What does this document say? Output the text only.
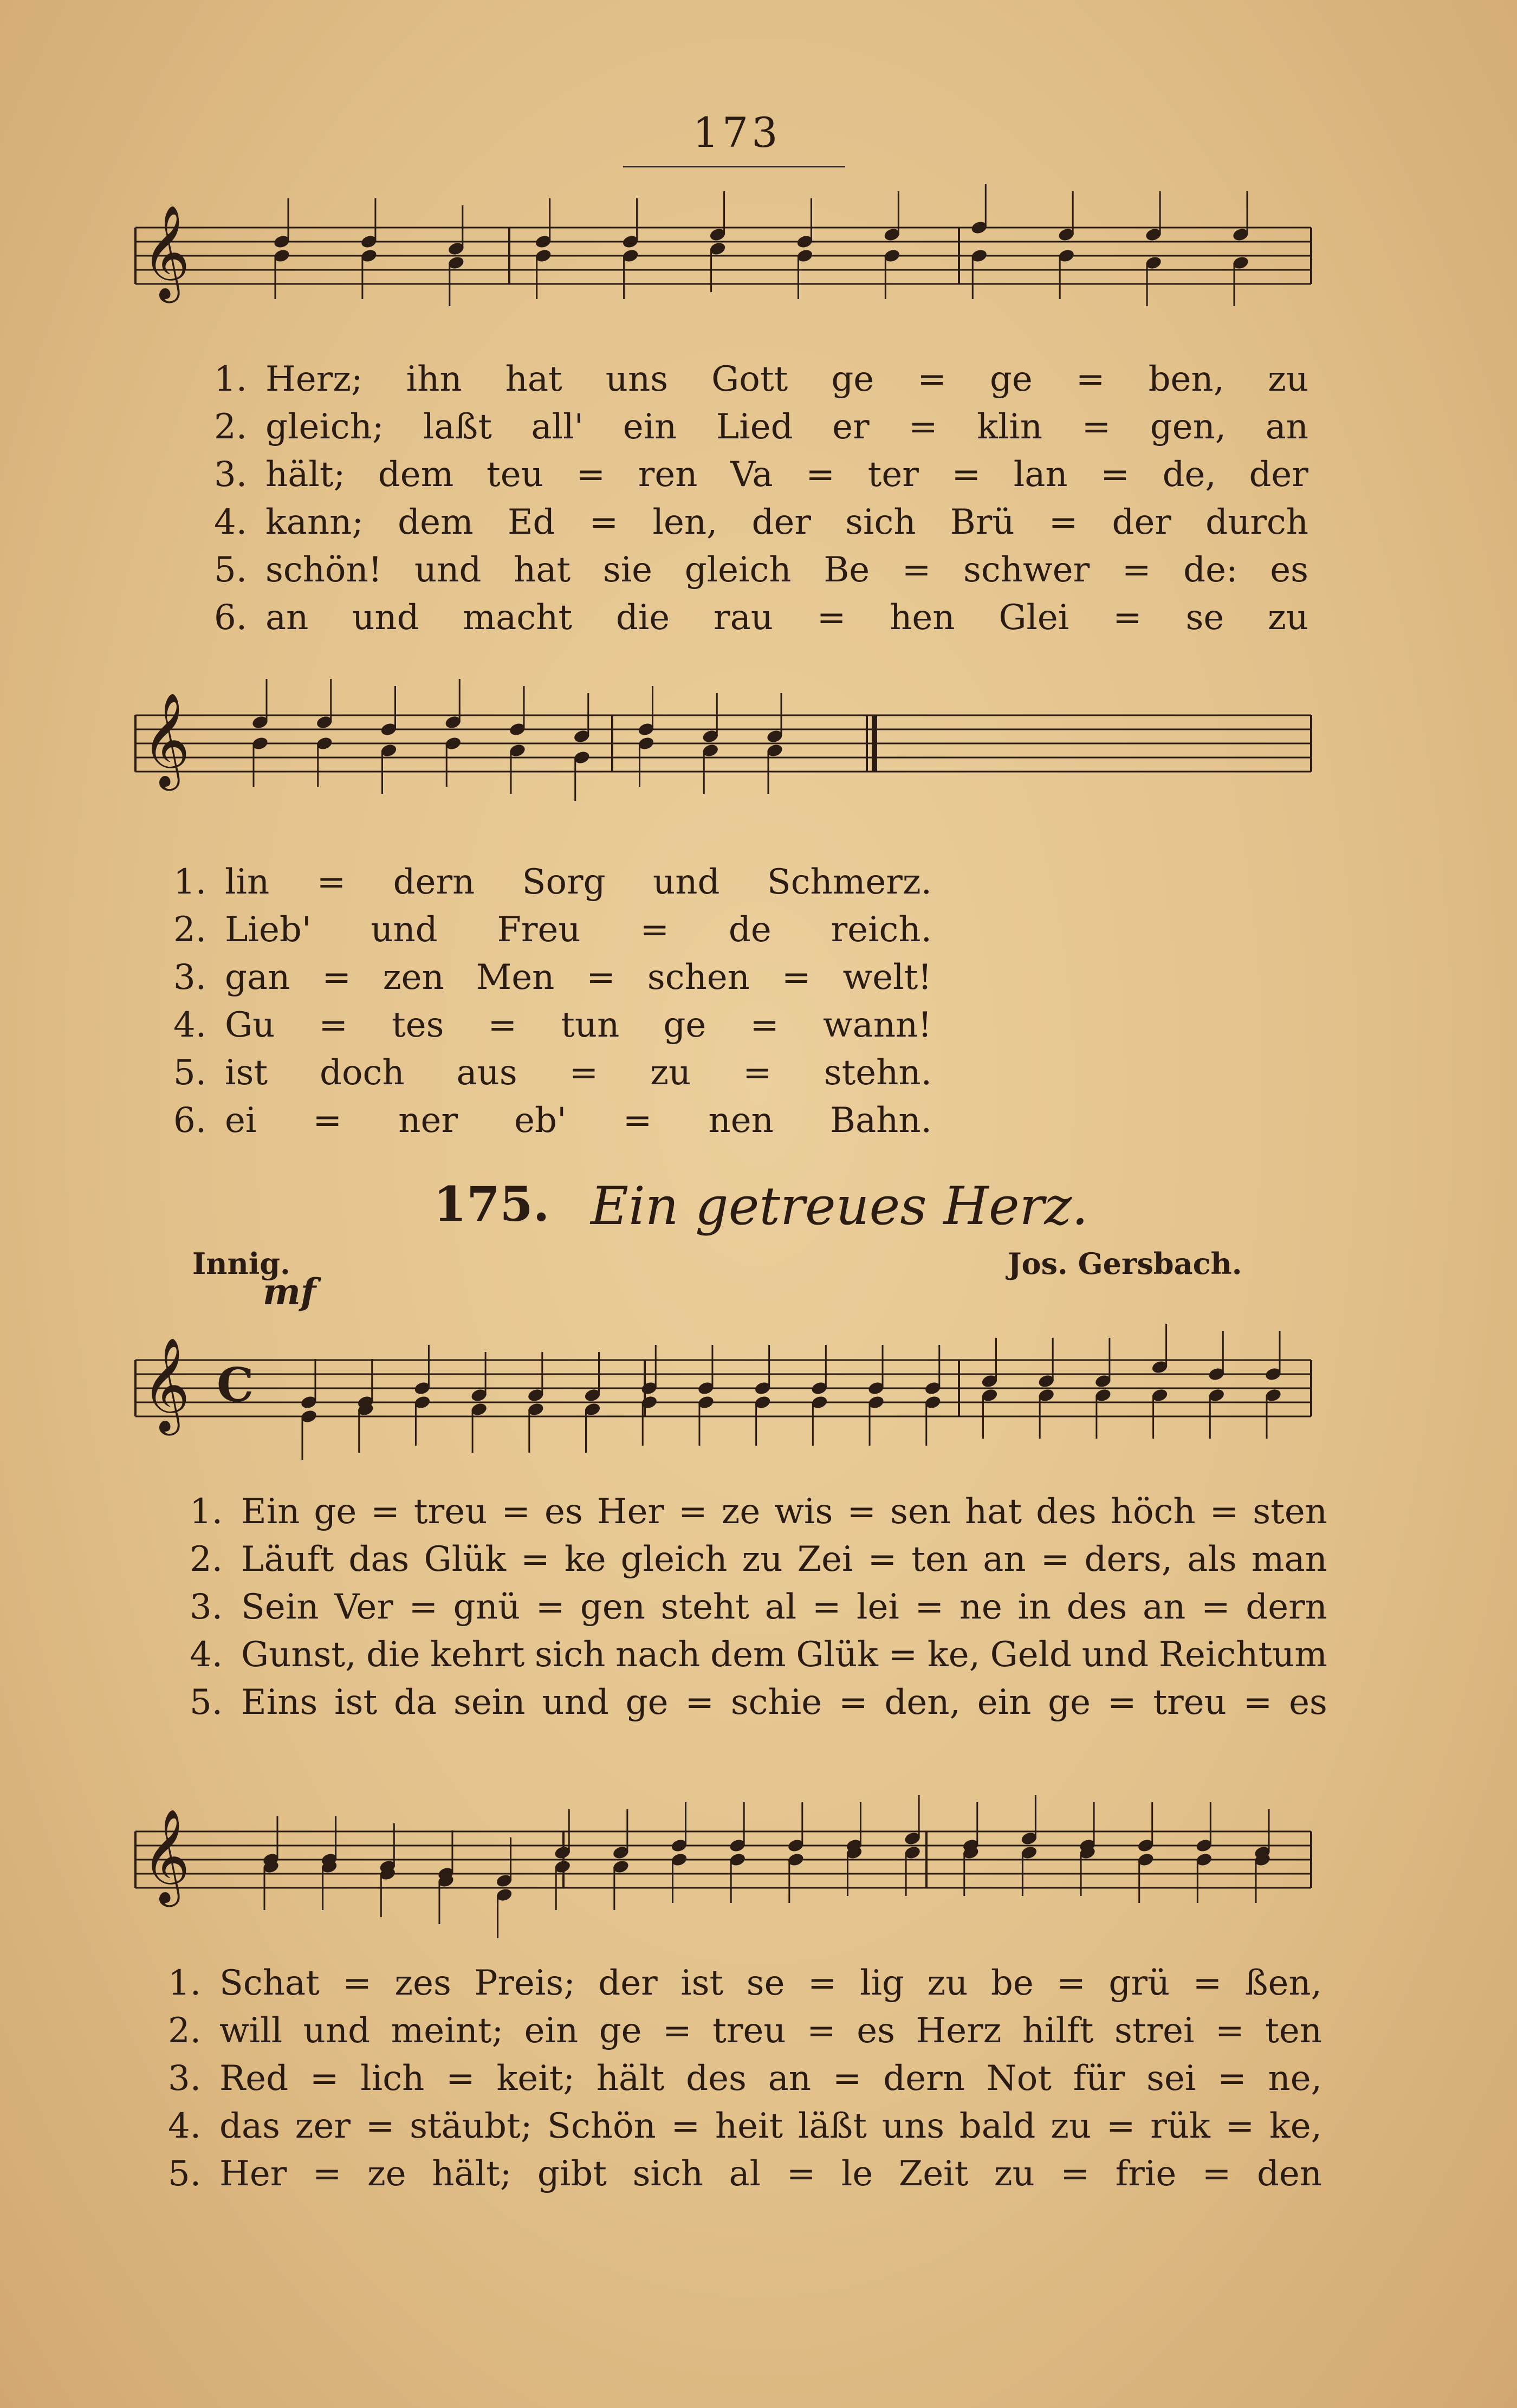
173
𝄞
1. Herz; ihn hat uns Gott ge = ge = ben, zu
2. gleich; laßt all' ein Lied er = klin = gen, an
3. hält; dem teu = ren Va = ter = lan = de, der
4. kann; dem Ed = len, der sich Brü = der durch
5. schön! und hat sie gleich Be = schwer = de: es
6. an und macht die rau = hen Glei = se zu
𝄞
1. lin = dern Sorg und Schmerz.
2. Lieb' und Freu = de reich.
3. gan = zen Men = schen = welt!
4. Gu = tes = tun ge = wann!
5. ist doch aus = zu = stehn.
6. ei = ner eb' = nen Bahn.
175. Ein getreues Herz.
Innig.
mf
Jos. Gersbach.
𝄞 C
1. Ein ge = treu = es Her = ze wis = sen hat des höch = sten
2. Läuft das Glük = ke gleich zu Zei = ten an = ders, als man
3. Sein Ver = gnü = gen steht al = lei = ne in des an = dern
4. Gunst, die kehrt sich nach dem Glük = ke, Geld und Reichtum
5. Eins ist da sein und ge = schie = den, ein ge = treu = es
𝄞
1. Schat = zes Preis; der ist se = lig zu be = grü = ßen,
2. will und meint; ein ge = treu = es Herz hilft strei = ten
3. Red = lich = keit; hält des an = dern Not für sei = ne,
4. das zer = stäubt; Schön = heit läßt uns bald zu = rük = ke,
5. Her = ze hält; gibt sich al = le Zeit zu = frie = den
